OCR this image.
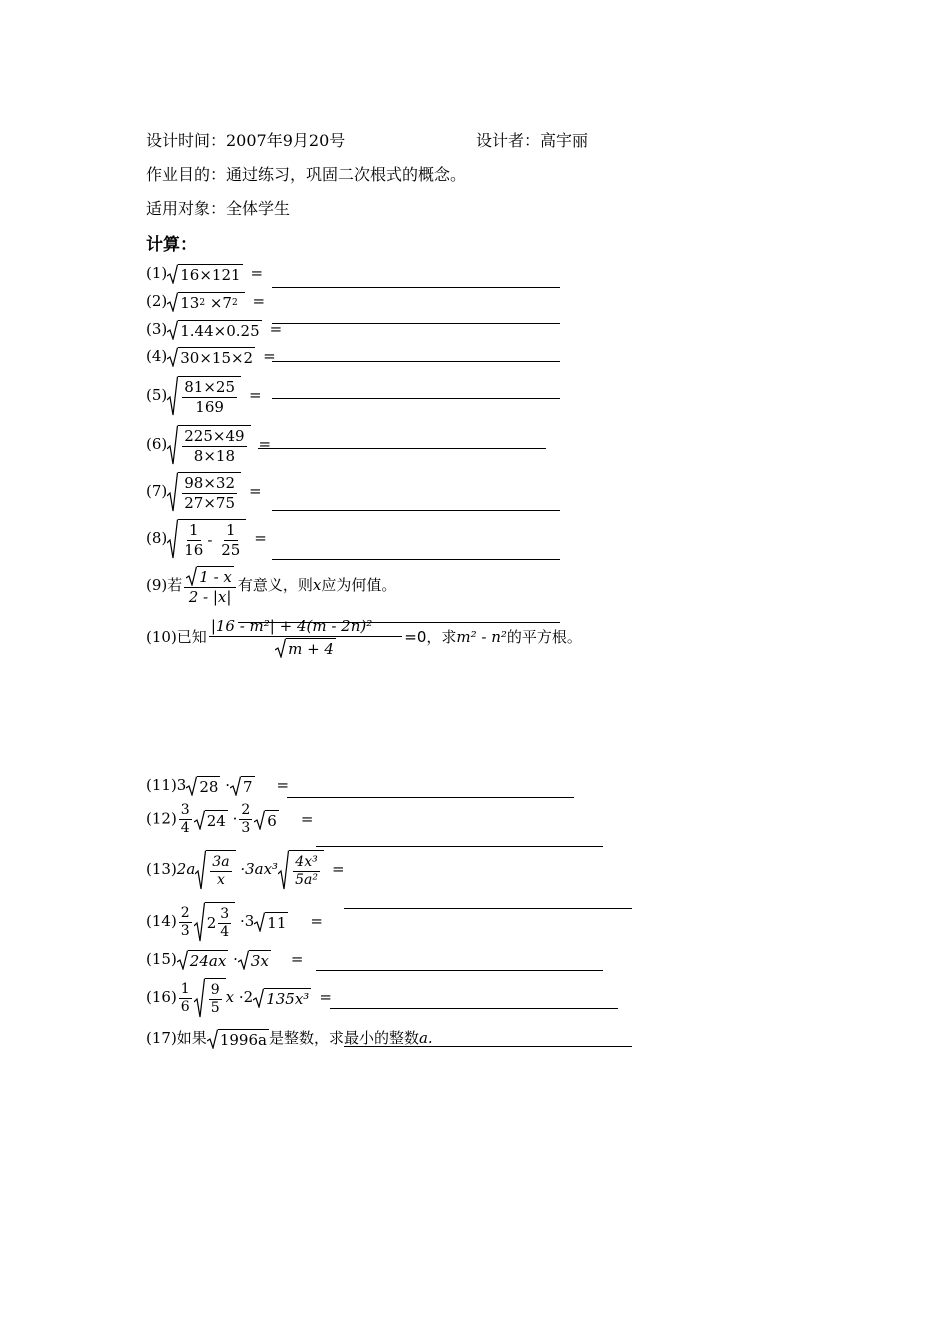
设计时间：2007年9月20号	设计者：高宇丽
作业目的：通过练习，巩固二次根式的概念。
适用对象：全体学生
计算：
(1) 16×121 =
(2) 13 2
×7 2
=
(3) 1.44×0.25 =
(4) 30×15×2 =
$(5) \frac{81\times 25}{169}$ =
$(6) \frac{225\times 49}{8\times 18}$ =
$(7) \frac{98\times 32}{27\times 75}$ =
$(8) \frac{1}{16}$ -
$\frac{1}{25}$ =
(9)若 $\frac{1 - x}{2 - |x|}$ 有意义，则x应为何值。
(10)已知 $\frac{\text{|16 - m²| + 4(m - 2n)²}}{m + 4} =0$，求m² - n²的平方根。
(11)3 28 · 7 =
$(12) \frac{3}{4} 24 \cdot \frac{2}{3} 6$ =
$(13)2a \frac{3a}{x} \cdot 3ax^3 \frac{\text{4x³}}{\text{5a²}}$ =
$(14) \frac{2}{3} 2 \frac{3}{4} \cdot 3$ 11 =
(15) 24ax · 3x =
$(16) \frac{1}{6} \frac{9}{5}$ x ·2 135x³ =
(17)如果 1996a 是整数，求最小的整数a.
